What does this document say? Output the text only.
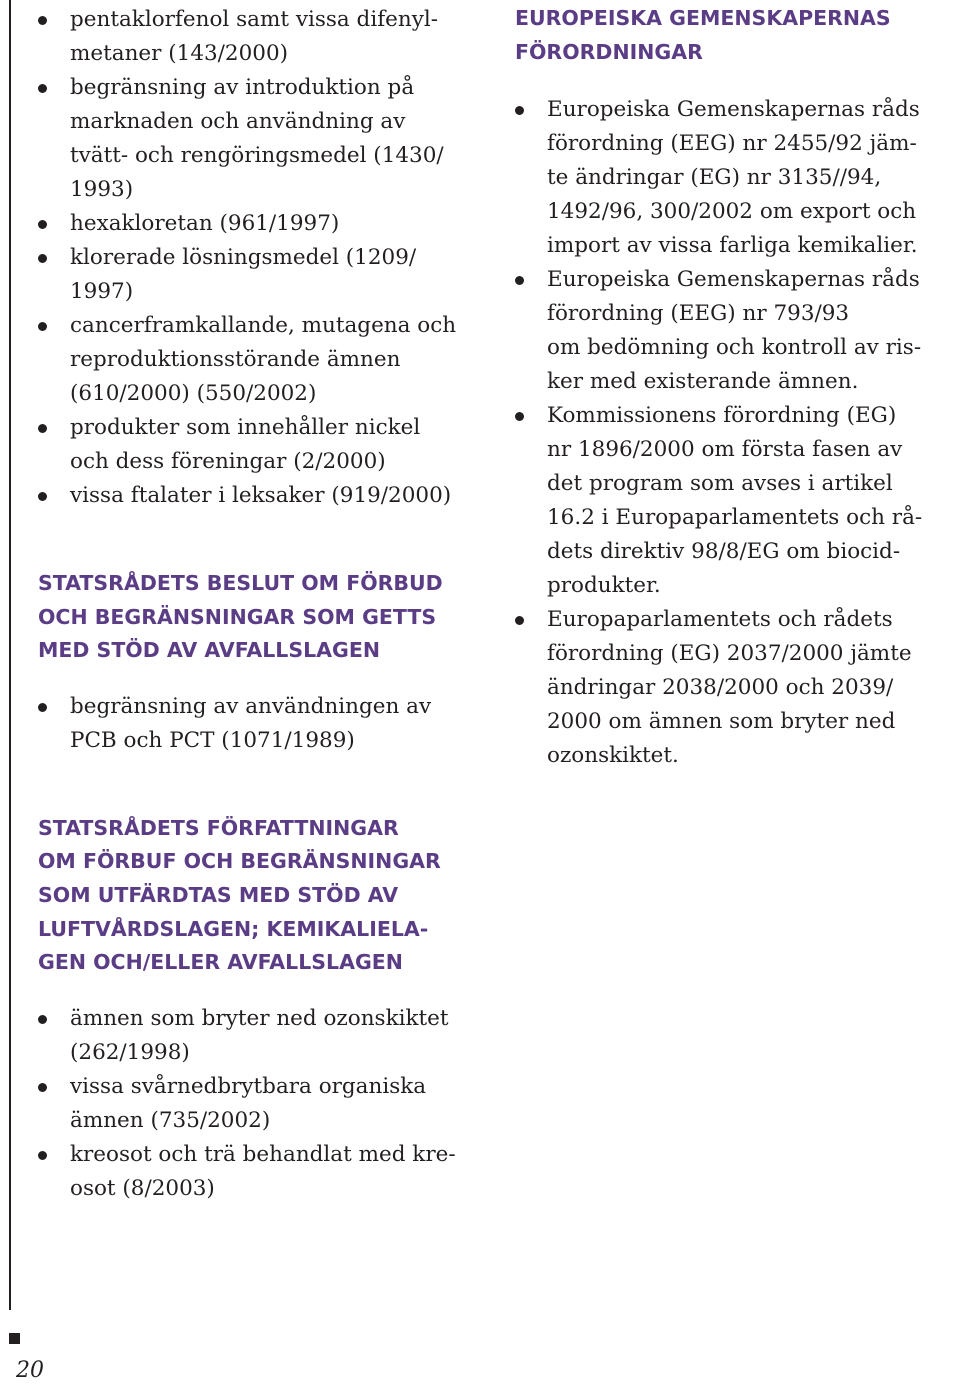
pentaklorfenol samt vissa difenyl-
metaner (143/2000)
begränsning av introduktion på
marknaden och användning av
tvätt- och rengöringsmedel (1430/
1993)
hexakloretan (961/1997)
klorerade lösningsmedel (1209/
1997)
cancerframkallande, mutagena och
reproduktionsstörande ämnen
(610/2000) (550/2002)
produkter som innehåller nickel
och dess föreningar (2/2000)
vissa ftalater i leksaker (919/2000)
STATSRÅDETS BESLUT OM FÖRBUD
OCH BEGRÄNSNINGAR SOM GETTS
MED STÖD AV AVFALLSLAGEN
begränsning av användningen av
PCB och PCT (1071/1989)
STATSRÅDETS FÖRFATTNINGAR
OM FÖRBUF OCH BEGRÄNSNINGAR
SOM UTFÄRDTAS MED STÖD AV
LUFTVÅRDSLAGEN; KEMIKALIELA-
GEN OCH/ELLER AVFALLSLAGEN
ämnen som bryter ned ozonskiktet
(262/1998)
vissa svårnedbrytbara organiska
ämnen (735/2002)
kreosot och trä behandlat med kre-
osot (8/2003)
EUROPEISKA GEMENSKAPERNAS
FÖRORDNINGAR
Europeiska Gemenskapernas råds
förordning (EEG) nr 2455/92 jäm-
te ändringar (EG) nr 3135//94,
1492/96, 300/2002 om export och
import av vissa farliga kemikalier.
Europeiska Gemenskapernas råds
förordning (EEG) nr 793/93
om bedömning och kontroll av ris-
ker med existerande ämnen.
Kommissionens förordning (EG)
nr 1896/2000 om första fasen av
det program som avses i artikel
16.2 i Europaparlamentets och rå-
dets direktiv 98/8/EG om biocid-
produkter.
Europaparlamentets och rådets
förordning (EG) 2037/2000 jämte
ändringar 2038/2000 och 2039/
2000 om ämnen som bryter ned
ozonskiktet.
20
